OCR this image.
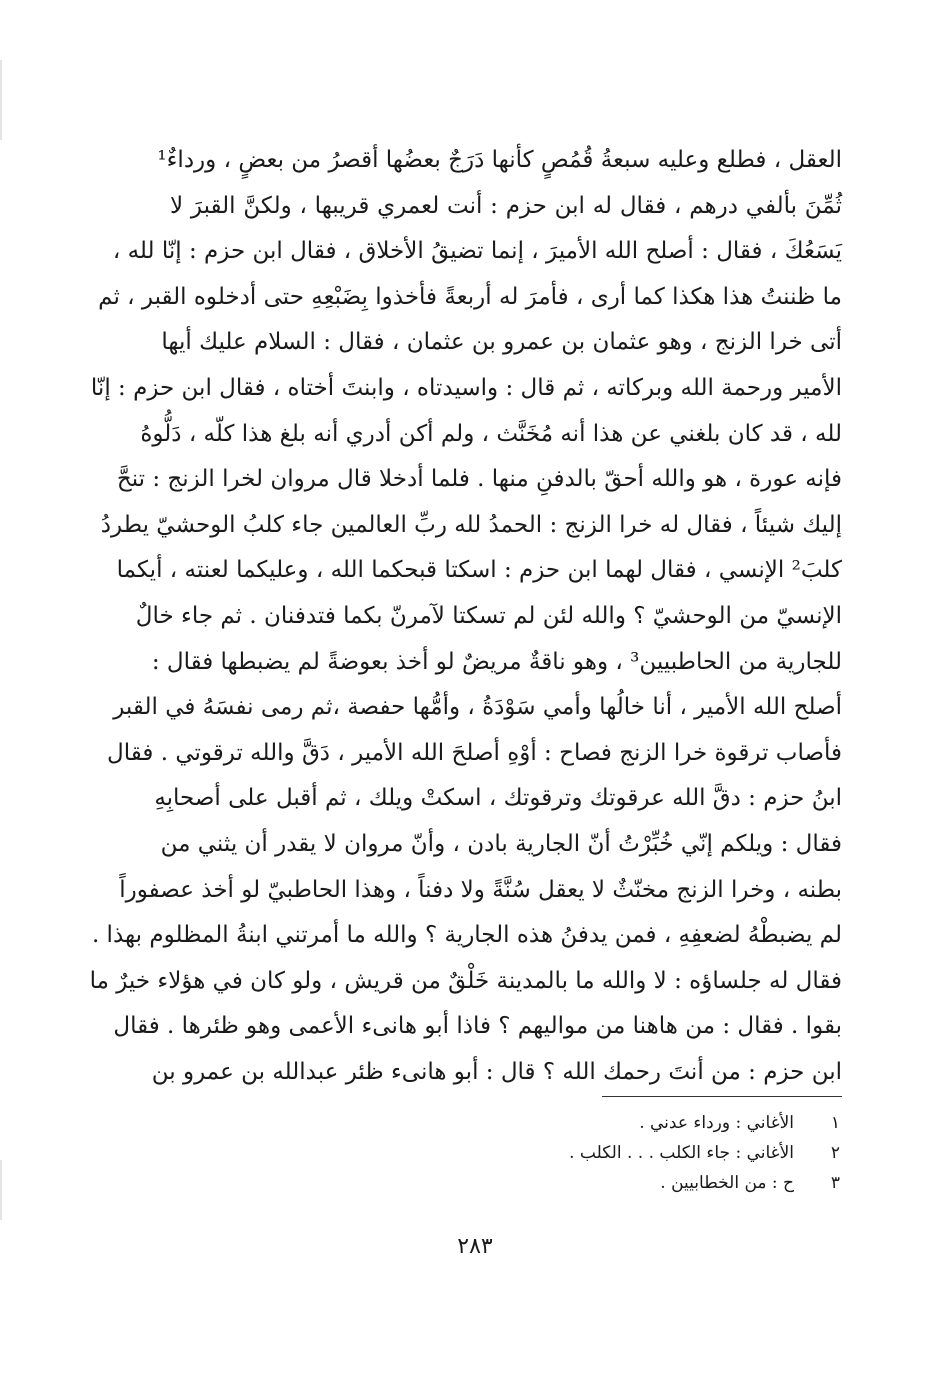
العقل ، فطلع وعليه سبعةُ قُمُصٍ كأنها دَرَجٌ بعضُها أقصرُ من بعضٍ ، ورداءٌ¹
ثُمِّنَ بألفي درهم ، فقال له ابن حزم : أنت لعمري قريبها ، ولكنَّ القبرَ لا
يَسَعُكَ ، فقال : أصلح الله الأميرَ ، إنما تضيقُ الأخلاق ، فقال ابن حزم : إنّا لله ،
ما ظننتُ هذا هكذا كما أرى ، فأمرَ له أربعةً فأخذوا بِضَبْعِهِ حتى أدخلوه القبر ، ثم
أتى خرا الزنج ، وهو عثمان بن عمرو بن عثمان ، فقال : السلام عليك أيها
الأمير ورحمة الله وبركاته ، ثم قال : واسيدتاه ، وابنتَ أختاه ، فقال ابن حزم : إنّا
لله ، قد كان بلغني عن هذا أنه مُخَنَّث ، ولم أكن أدري أنه بلغ هذا كلّه ، دَلُّوهُ
فإنه عورة ، هو والله أحقّ بالدفنِ منها . فلما أدخلا قال مروان لخرا الزنج : تنحَّ
إليك شيئاً ، فقال له خرا الزنج : الحمدُ لله ربِّ العالمين جاء كلبُ الوحشيّ يطردُ
كلبَ² الإنسي ، فقال لهما ابن حزم : اسكتا قبحكما الله ، وعليكما لعنته ، أيكما
الإنسيّ من الوحشيّ ؟ والله لئن لم تسكتا لآمرنّ بكما فتدفنان . ثم جاء خالٌ
للجارية من الحاطبيين³ ، وهو ناقةٌ مريضٌ لو أخذ بعوضةً لم يضبطها فقال :
أصلح الله الأمير ، أنا خالُها وأمي سَوْدَةُ ، وأمُّها حفصة ،ثم رمى نفسَهُ في القبر
فأصاب ترقوة خرا الزنج فصاح : أوْهِ أصلحَ الله الأمير ، دَقَّ والله ترقوتي . فقال
ابنُ حزم : دقَّ الله عرقوتك وترقوتك ، اسكتْ ويلك ، ثم أقبل على أصحابِهِ
فقال : ويلكم إنّي خُبِّرْتُ أنّ الجارية بادن ، وأنّ مروان لا يقدر أن يثني من
بطنه ، وخرا الزنج مخنّثٌ لا يعقل سُنَّةً ولا دفناً ، وهذا الحاطبيّ لو أخذ عصفوراً
لم يضبطْهُ لضعفِهِ ، فمن يدفنُ هذه الجارية ؟ والله ما أمرتني ابنةُ المظلوم بهذا .
فقال له جلساؤه : لا والله ما بالمدينة خَلْقٌ من قريش ، ولو كان في هؤلاء خيرٌ ما
بقوا . فقال : من هاهنا من مواليهم ؟ فاذا أبو هانىء الأعمى وهو ظئرها . فقال
ابن حزم : من أنتَ رحمك الله ؟ قال : أبو هانىء ظئر عبدالله بن عمرو بن
١
الأغاني : ورداء عدني .
٢
الأغاني : جاء الكلب . . . الكلب .
٣
ح : من الخطابيين .
٢٨٣
